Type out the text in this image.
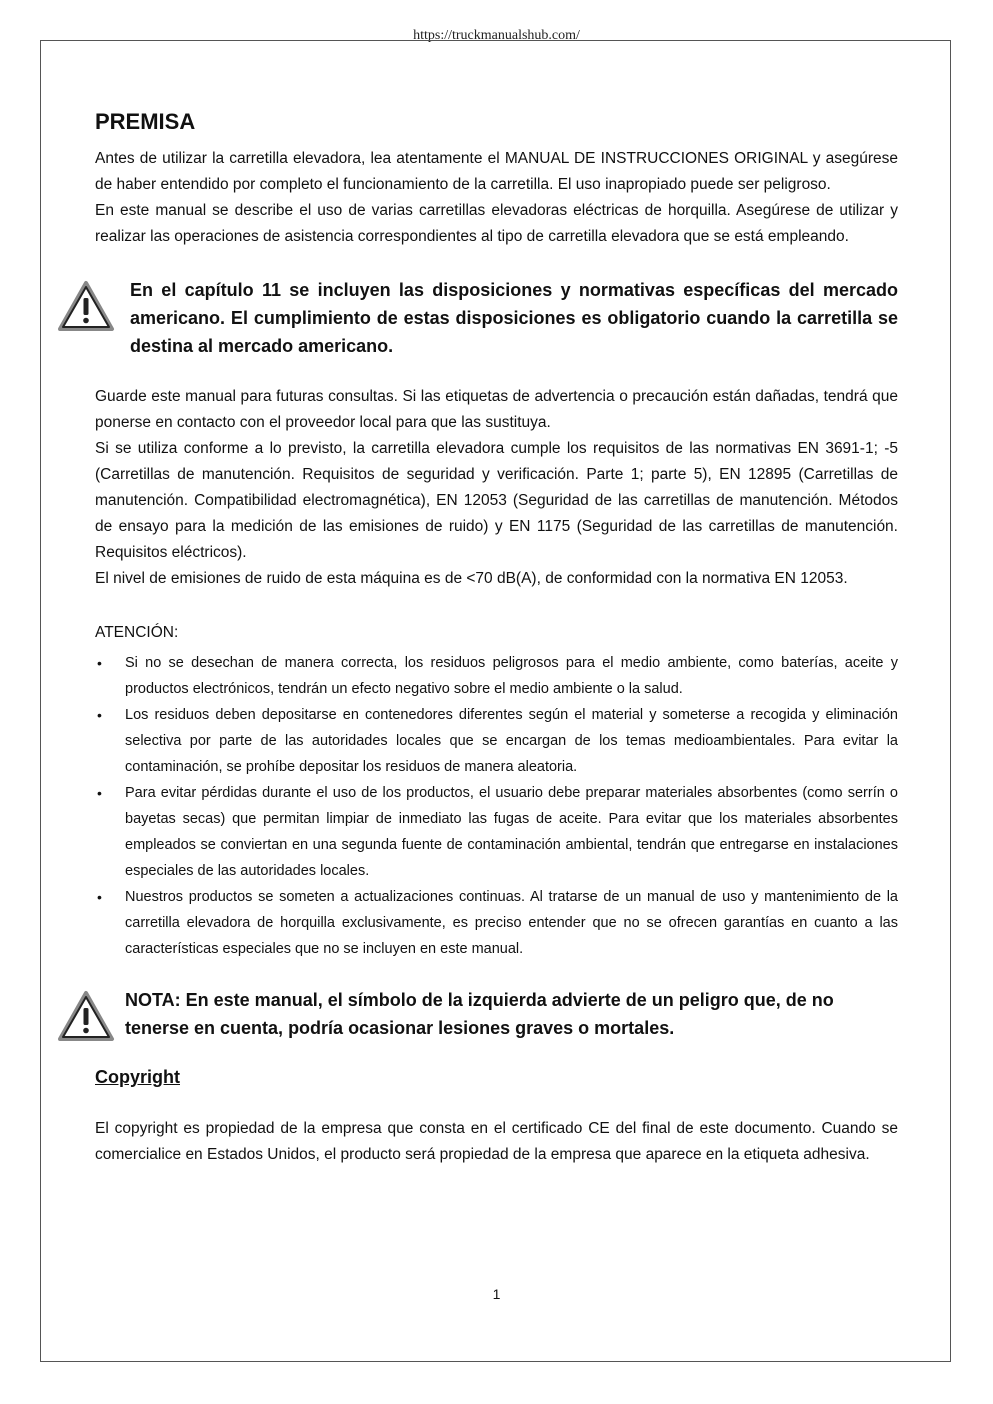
https://truckmanualshub.com/
PREMISA

Antes de utilizar la carretilla elevadora, lea atentamente el MANUAL DE INSTRUCCIONES ORIGINAL y asegúrese de haber entendido por completo el funcionamiento de la carretilla. El uso inapropiado puede ser peligroso.

En este manual se describe el uso de varias carretillas elevadoras eléctricas de horquilla. Asegúrese de utilizar y realizar las operaciones de asistencia correspondientes al tipo de carretilla elevadora que se está empleando.

En el capítulo 11 se incluyen las disposiciones y normativas específicas del mercado americano. El cumplimiento de estas disposiciones es obligatorio cuando la carretilla se destina al mercado americano.

Guarde este manual para futuras consultas. Si las etiquetas de advertencia o precaución están dañadas, tendrá que ponerse en contacto con el proveedor local para que las sustituya.

Si se utiliza conforme a lo previsto, la carretilla elevadora cumple los requisitos de las normativas EN 3691-1; -5 (Carretillas de manutención. Requisitos de seguridad y verificación. Parte 1; parte 5), EN 12895 (Carretillas de manutención. Compatibilidad electromagnética), EN 12053 (Seguridad de las carretillas de manutención. Métodos de ensayo para la medición de las emisiones de ruido) y EN 1175 (Seguridad de las carretillas de manutención. Requisitos eléctricos).

El nivel de emisiones de ruido de esta máquina es de <70 dB(A), de conformidad con la normativa EN 12053.

ATENCIÓN:
• Si no se desechan de manera correcta, los residuos peligrosos para el medio ambiente, como baterías, aceite y productos electrónicos, tendrán un efecto negativo sobre el medio ambiente o la salud.
• Los residuos deben depositarse en contenedores diferentes según el material y someterse a recogida y eliminación selectiva por parte de las autoridades locales que se encargan de los temas medioambientales. Para evitar la contaminación, se prohíbe depositar los residuos de manera aleatoria.
• Para evitar pérdidas durante el uso de los productos, el usuario debe preparar materiales absorbentes (como serrín o bayetas secas) que permitan limpiar de inmediato las fugas de aceite. Para evitar que los materiales absorbentes empleados se conviertan en una segunda fuente de contaminación ambiental, tendrán que entregarse en instalaciones especiales de las autoridades locales.
• Nuestros productos se someten a actualizaciones continuas. Al tratarse de un manual de uso y mantenimiento de la carretilla elevadora de horquilla exclusivamente, es preciso entender que no se ofrecen garantías en cuanto a las características especiales que no se incluyen en este manual.

NOTA: En este manual, el símbolo de la izquierda advierte de un peligro que, de no tenerse en cuenta, podría ocasionar lesiones graves o mortales.

Copyright

El copyright es propiedad de la empresa que consta en el certificado CE del final de este documento. Cuando se comercialice en Estados Unidos, el producto será propiedad de la empresa que aparece en la etiqueta adhesiva.

1
